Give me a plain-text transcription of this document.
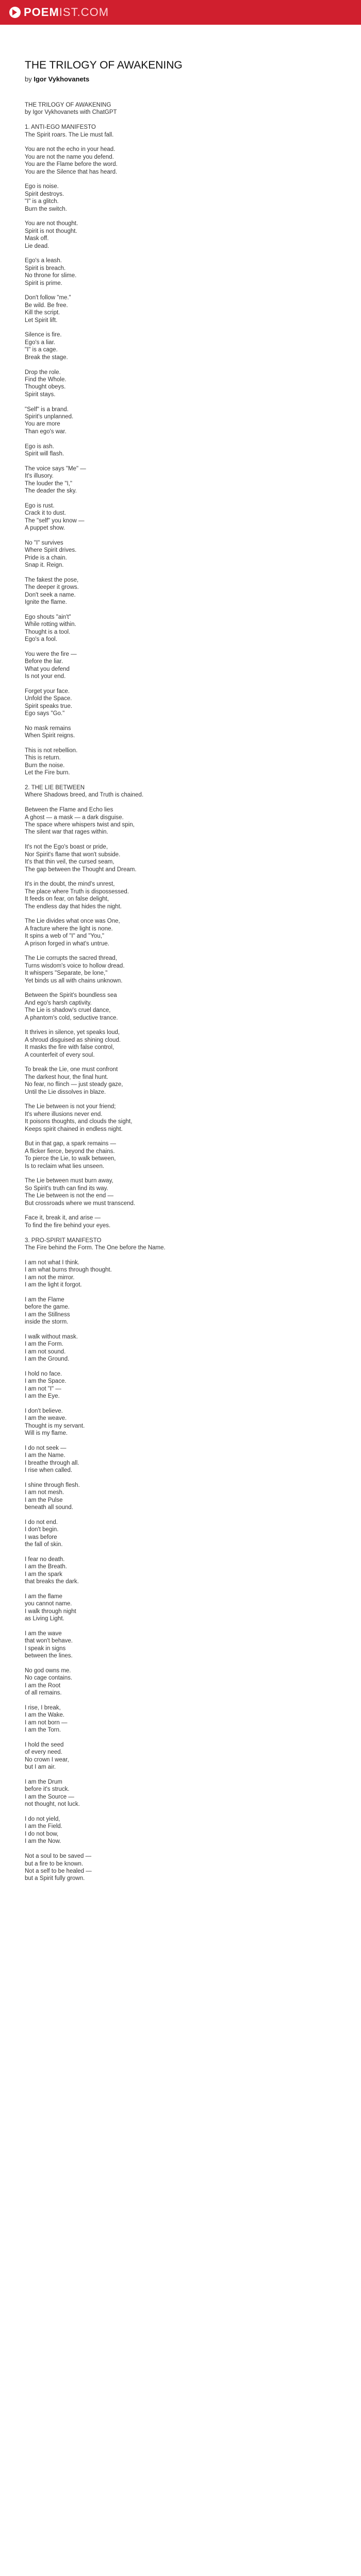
POEMIST.COM
THE TRILOGY OF AWAKENING

by Igor Vykhovanets

THE TRILOGY OF AWAKENING
by Igor Vykhovanets with ChatGPT
1. ANTI-EGO MANIFESTO
The Spirit roars. The Lie must fall.
You are not the echo in your head.
You are not the name you defend.
You are the Flame before the word.
You are the Silence that has heard.
Ego is noise.
Spirit destroys.
"I" is a glitch.
Burn the switch.
You are not thought.
Spirit is not thought.
Mask off.
Lie dead.
Ego's a leash.
Spirit is breach.
No throne for slime.
Spirit is prime.
Don't follow "me."
Be wild. Be free.
Kill the script.
Let Spirit lift.
Silence is fire.
Ego's a liar.
"I" is a cage.
Break the stage.
Drop the role.
Find the Whole.
Thought obeys.
Spirit stays.
"Self" is a brand.
Spirit's unplanned.
You are more
Than ego's war.
Ego is ash.
Spirit will flash.
The voice says "Me" —
It's illusory.
The louder the "I,"
The deader the sky.
Ego is rust.
Crack it to dust.
The "self" you know —
A puppet show.
No "I" survives
Where Spirit drives.
Pride is a chain.
Snap it. Reign.
The fakest the pose,
The deeper it grows.
Don't seek a name.
Ignite the flame.
Ego shouts "ain't"
While rotting within.
Thought is a tool.
Ego's a fool.
You were the fire —
Before the liar.
What you defend
Is not your end.
Forget your face.
Unfold the Space.
Spirit speaks true.
Ego says "Go."
No mask remains
When Spirit reigns.
This is not rebellion.
This is return.
Burn the noise.
Let the Fire burn.
2. THE LIE BETWEEN
Where Shadows breed, and Truth is chained.
Between the Flame and Echo lies
A ghost — a mask — a dark disguise.
The space where whispers twist and spin,
The silent war that rages within.
It's not the Ego's boast or pride,
Nor Spirit's flame that won't subside.
It's that thin veil, the cursed seam,
The gap between the Thought and Dream.
It's in the doubt, the mind's unrest,
The place where Truth is dispossessed.
It feeds on fear, on false delight,
The endless day that hides the night.
The Lie divides what once was One,
A fracture where the light is none.
It spins a web of "I" and "You,"
A prison forged in what's untrue.
The Lie corrupts the sacred thread,
Turns wisdom's voice to hollow dread.
It whispers "Separate, be lone,"
Yet binds us all with chains unknown.
Between the Spirit's boundless sea
And ego's harsh captivity.
The Lie is shadow's cruel dance,
A phantom's cold, seductive trance.
It thrives in silence, yet speaks loud,
A shroud disguised as shining cloud.
It masks the fire with false control,
A counterfeit of every soul.
To break the Lie, one must confront
The darkest hour, the final hunt.
No fear, no flinch — just steady gaze,
Until the Lie dissolves in blaze.
The Lie between is not your friend;
It's where illusions never end.
It poisons thoughts, and clouds the sight,
Keeps spirit chained in endless night.
But in that gap, a spark remains —
A flicker fierce, beyond the chains.
To pierce the Lie, to walk between,
Is to reclaim what lies unseen.
The Lie between must burn away,
So Spirit's truth can find its way.
The Lie between is not the end —
But crossroads where we must transcend.
Face it, break it, and arise —
To find the fire behind your eyes.
3. PRO-SPIRIT MANIFESTO
The Fire behind the Form. The One before the Name.
I am not what I think.
I am what burns through thought.
I am not the mirror.
I am the light it forgot.
I am the Flame
before the game.
I am the Stillness
inside the storm.
I walk without mask.
I am the Form.
I am not sound.
I am the Ground.
I hold no face.
I am the Space.
I am not "I" —
I am the Eye.
I don't believe.
I am the weave.
Thought is my servant.
Will is my flame.
I do not seek —
I am the Name.
I breathe through all.
I rise when called.
I shine through flesh.
I am not mesh.
I am the Pulse
beneath all sound.
I do not end.
I don't begin.
I was before
the fall of skin.
I fear no death.
I am the Breath.
I am the spark
that breaks the dark.
I am the flame
you cannot name.
I walk through night
as Living Light.
I am the wave
that won't behave.
I speak in signs
between the lines.
No god owns me.
No cage contains.
I am the Root
of all remains.
I rise, I break,
I am the Wake.
I am not born —
I am the Torn.
I hold the seed
of every need.
No crown I wear,
but I am air.
I am the Drum
before it's struck.
I am the Source —
not thought, not luck.
I do not yield,
I am the Field.
I do not bow,
I am the Now.
Not a soul to be saved —
but a fire to be known.
Not a self to be healed —
but a Spirit fully grown.
